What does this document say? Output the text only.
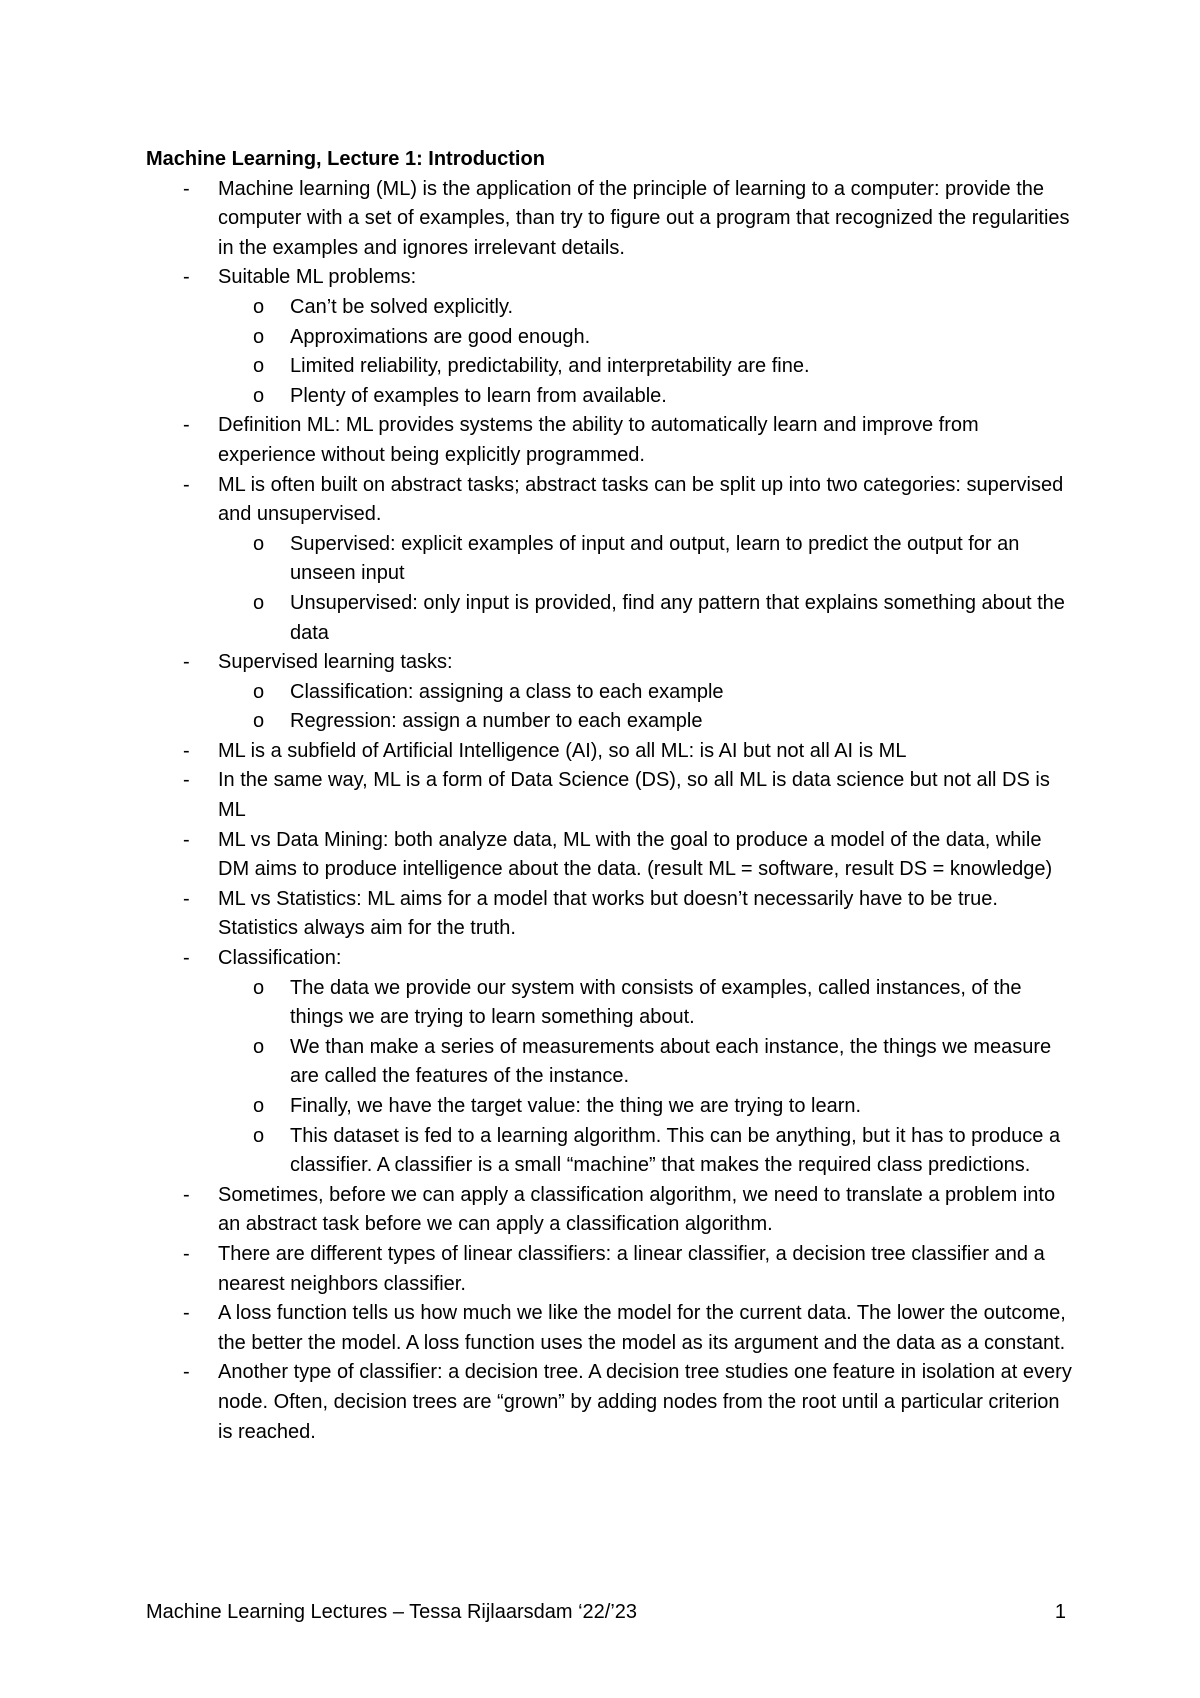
Machine Learning, Lecture 1: Introduction

- Machine learning (ML) is the application of the principle of learning to a computer: provide the computer with a set of examples, than try to figure out a program that recognized the regularities in the examples and ignores irrelevant details.
- Suitable ML problems:
o Can’t be solved explicitly.
o Approximations are good enough.
o Limited reliability, predictability, and interpretability are fine.
o Plenty of examples to learn from available.
- Definition ML: ML provides systems the ability to automatically learn and improve from experience without being explicitly programmed.
- ML is often built on abstract tasks; abstract tasks can be split up into two categories: supervised and unsupervised.
o Supervised: explicit examples of input and output, learn to predict the output for an unseen input
o Unsupervised: only input is provided, find any pattern that explains something about the data
- Supervised learning tasks:
o Classification: assigning a class to each example
o Regression: assign a number to each example
- ML is a subfield of Artificial Intelligence (AI), so all ML: is AI but not all AI is ML
- In the same way, ML is a form of Data Science (DS), so all ML is data science but not all DS is ML
- ML vs Data Mining: both analyze data, ML with the goal to produce a model of the data, while DM aims to produce intelligence about the data. (result ML = software, result DS = knowledge)
- ML vs Statistics: ML aims for a model that works but doesn’t necessarily have to be true. Statistics always aim for the truth.
- Classification:
o The data we provide our system with consists of examples, called instances, of the things we are trying to learn something about.
o We than make a series of measurements about each instance, the things we measure are called the features of the instance.
o Finally, we have the target value: the thing we are trying to learn.
o This dataset is fed to a learning algorithm. This can be anything, but it has to produce a classifier. A classifier is a small “machine” that makes the required class predictions.
- Sometimes, before we can apply a classification algorithm, we need to translate a problem into an abstract task before we can apply a classification algorithm.
- There are different types of linear classifiers: a linear classifier, a decision tree classifier and a nearest neighbors classifier.
- A loss function tells us how much we like the model for the current data. The lower the outcome, the better the model. A loss function uses the model as its argument and the data as a constant.
- Another type of classifier: a decision tree. A decision tree studies one feature in isolation at every node. Often, decision trees are “grown” by adding nodes from the root until a particular criterion is reached.
Machine Learning Lectures – Tessa Rijlaarsdam ‘22/’23	1
